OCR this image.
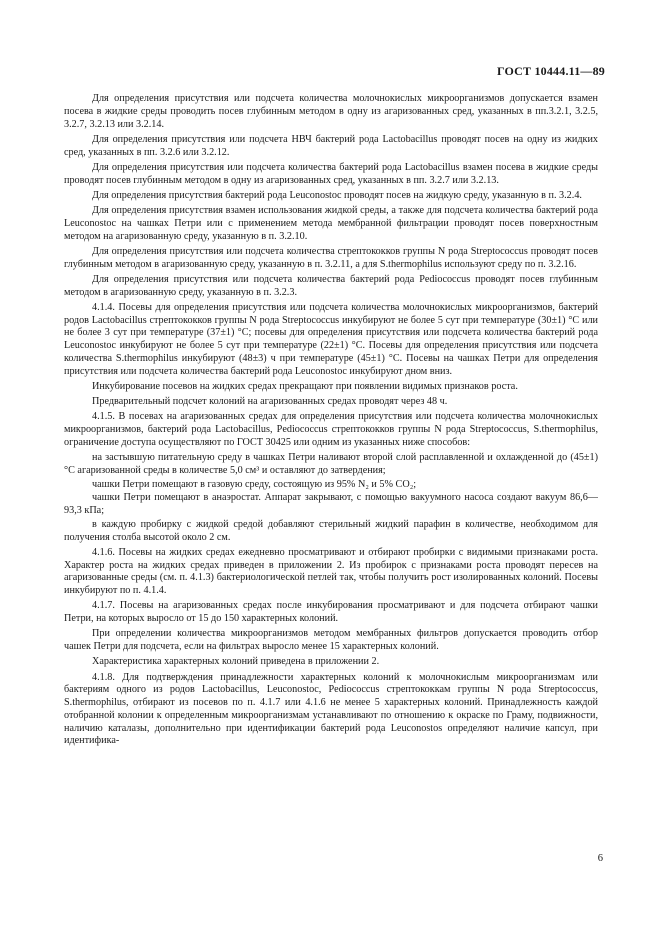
ГОСТ 10444.11—89

Для определения присутствия или подсчета количества молочнокислых микроорганизмов допускается взамен посева в жидкие среды проводить посев глубинным методом в одну из агаризованных сред, указанных в пп.3.2.1, 3.2.5, 3.2.7, 3.2.13 или 3.2.14.

Для определения присутствия или подсчета НВЧ бактерий рода Lactobacillus проводят посев на одну из жидких сред, указанных в пп. 3.2.6 или 3.2.12.

Для определения присутствия или подсчета количества бактерий рода Lactobacillus взамен посева в жидкие среды проводят посев глубинным методом в одну из агаризованных сред, указанных в пп. 3.2.7 или 3.2.13.

Для определения присутствия бактерий рода Leuconostoc проводят посев на жидкую среду, указанную в п. 3.2.4.

Для определения присутствия взамен использования жидкой среды, а также для подсчета количества бактерий рода Leuconostoc на чашках Петри или с применением метода мембранной фильтрации проводят посев поверхностным методом на агаризованную среду, указанную в п. 3.2.10.

Для определения присутствия или подсчета количества стрептококков группы N рода Streptococcus проводят посев глубинным методом в агаризованную среду, указанную в п. 3.2.11, а для S.thermophilus используют среду по п. 3.2.16.

Для определения присутствия или подсчета количества бактерий рода Pediococcus проводят посев глубинным методом в агаризованную среду, указанную в п. 3.2.3.

4.1.4. Посевы для определения присутствия или подсчета количества молочнокислых микроорганизмов, бактерий родов Lactobacillus стрептококков группы N рода Streptococcus инкубируют не более 5 сут при температуре (30±1) °С или не более 3 сут при температуре (37±1) °С; посевы для определения присутствия или подсчета количества бактерий рода Leuconostoc инкубируют не более 5 сут при температуре (22±1) °С. Посевы для определения присутствия или подсчета количества S.thermophilus инкубируют (48±3) ч при температуре (45±1) °С. Посевы на чашках Петри для определения присутствия или подсчета количества бактерий рода Leuconostoc инкубируют дном вниз.

Инкубирование посевов на жидких средах прекращают при появлении видимых признаков роста.

Предварительный подсчет колоний на агаризованных средах проводят через 48 ч.

4.1.5. В посевах на агаризованных средах для определения присутствия или подсчета количества молочнокислых микроорганизмов, бактерий рода Lactobacillus, Pediococcus стрептококков группы N рода Streptococcus, S.thermophilus, ограничение доступа осуществляют по ГОСТ 30425 или одним из указанных ниже способов:

на застывшую питательную среду в чашках Петри наливают второй слой расплавленной и охлажденной до (45±1) °С агаризованной среды в количестве 5,0 см³ и оставляют до затвердения;

чашки Петри помещают в газовую среду, состоящую из 95% N₂ и 5% CO₂;

чашки Петри помещают в анаэростат. Аппарат закрывают, с помощью вакуумного насоса создают вакуум 86,6—93,3 кПа;

в каждую пробирку с жидкой средой добавляют стерильный жидкий парафин в количестве, необходимом для получения столба высотой около 2 см.

4.1.6. Посевы на жидких средах ежедневно просматривают и отбирают пробирки с видимыми признаками роста. Характер роста на жидких средах приведен в приложении 2. Из пробирок с признаками роста проводят пересев на агаризованные среды (см. п. 4.1.3) бактериологической петлей так, чтобы получить рост изолированных колоний. Посевы инкубируют по п. 4.1.4.

4.1.7. Посевы на агаризованных средах после инкубирования просматривают и для подсчета отбирают чашки Петри, на которых выросло от 15 до 150 характерных колоний.

При определении количества микроорганизмов методом мембранных фильтров допускается проводить отбор чашек Петри для подсчета, если на фильтрах выросло менее 15 характерных колоний.

Характеристика характерных колоний приведена в приложении 2.

4.1.8. Для подтверждения принадлежности характерных колоний к молочнокислым микроорганизмам или бактериям одного из родов Lactobacillus, Leuconostoc, Pediococcus стрептококкам группы N рода Streptococcus, S.thermophilus, отбирают из посевов по п. 4.1.7 или 4.1.6 не менее 5 характерных колоний. Принадлежность каждой отобранной колонии к определенным микроорганизмам устанавливают по отношению к окраске по Граму, подвижности, наличию каталазы, дополнительно при идентификации бактерий рода Leuconostos определяют наличие капсул, при идентифика-

6
